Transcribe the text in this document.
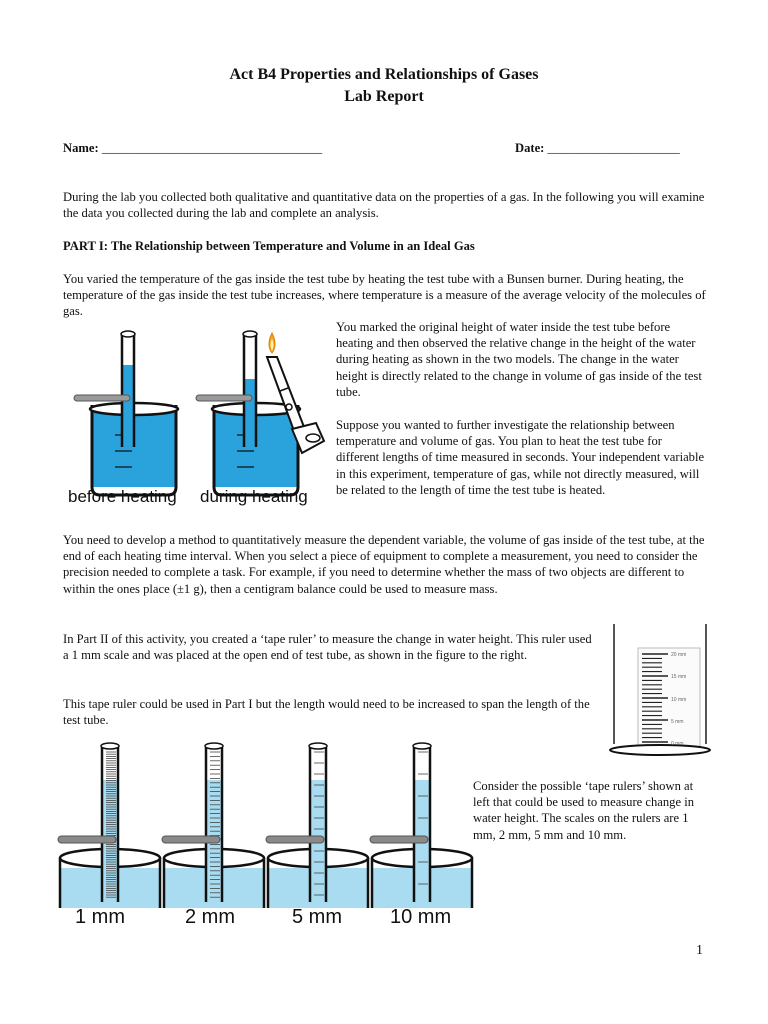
Act B4 Properties and Relationships of Gases
Lab Report
Name: ___________________________________	Date: _____________________
During the lab you collected both qualitative and quantitative data on the properties of a gas. In the following you will examine the data you collected during the lab and complete an analysis.
PART I: The Relationship between Temperature and Volume in an Ideal Gas
You varied the temperature of the gas inside the test tube by heating the test tube with a Bunsen burner. During heating, the temperature of the gas inside the test tube increases, where temperature is a measure of the average velocity of the molecules of gas.
You marked the original height of water inside the test tube before heating and then observed the relative change in the height of the water during heating as shown in the two models. The change in the water height is directly related to the change in volume of gas inside of the test tube.
Suppose you wanted to further investigate the relationship between temperature and volume of gas. You plan to heat the test tube for different lengths of time measured in seconds. Your independent variable in this experiment, temperature of gas, while not directly measured, will be related to the length of time the test tube is heated.
before heating during heating
You need to develop a method to quantitatively measure the dependent variable, the volume of gas inside of the test tube, at the end of each heating time interval. When you select a piece of equipment to complete a measurement, you need to consider the precision needed to complete a task. For example, if you need to determine whether the mass of two objects are different to within the ones place (±1 g), then a centigram balance could be used to measure mass.
In Part II of this activity, you created a ‘tape ruler’ to measure the change in water height. This ruler used a 1 mm scale and was placed at the open end of test tube, as shown in the figure to the right.
This tape ruler could be used in Part I but the length would need to be increased to span the length of the test tube.
20 mm
15 mm
10 mm
5 mm
0 mm
1 mm	2 mm	5 mm 10 mm
Consider the possible ‘tape rulers’ shown at left that could be used to measure change in water height. The scales on the rulers are 1 mm, 2 mm, 5 mm and 10 mm.
1
